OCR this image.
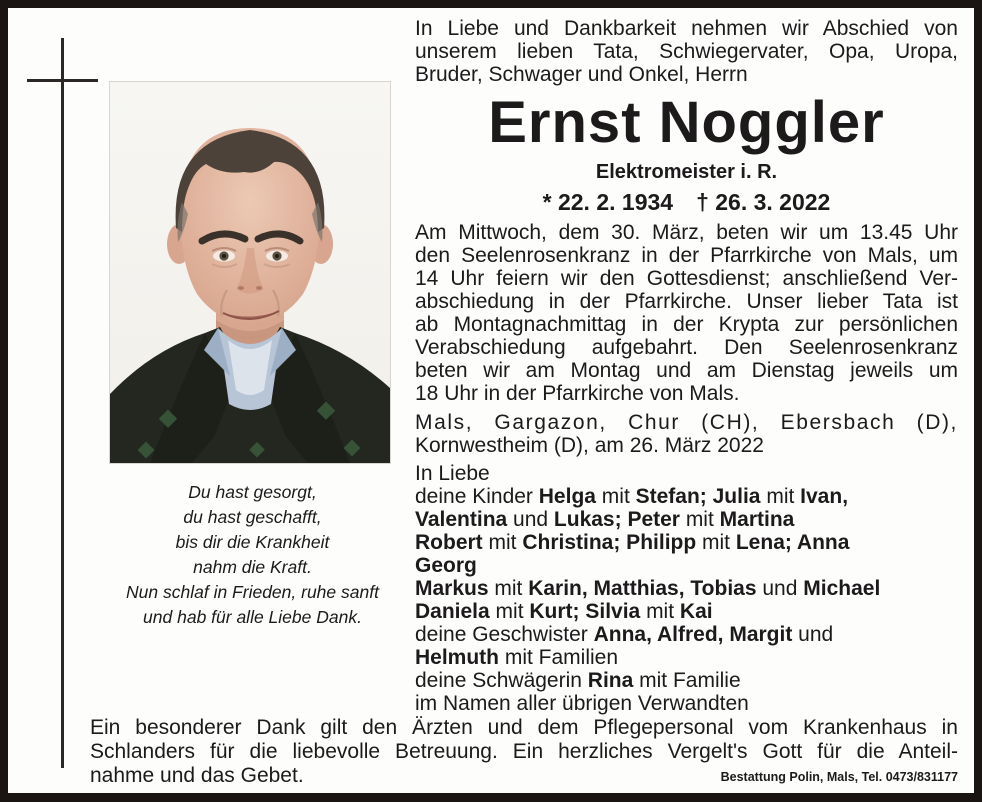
Du hast gesorgt,
du hast geschafft,
bis dir die Krankheit
nahm die Kraft.
Nun schlaf in Frieden, ruhe sanft
und hab für alle Liebe Dank.
In Liebe und Dankbarkeit nehmen wir Abschied von
unserem lieben Tata, Schwiegervater, Opa, Uropa,
Bruder, Schwager und Onkel, Herrn
Ernst Noggler
Elektromeister i. R.
* 22. 2. 1934  † 26. 3. 2022
Am Mittwoch, dem 30. März, beten wir um 13.45 Uhr
den Seelenrosenkranz in der Pfarrkirche von Mals, um
14 Uhr feiern wir den Gottesdienst; anschließend Ver-
abschiedung in der Pfarrkirche. Unser lieber Tata ist
ab Montagnachmittag in der Krypta zur persönlichen
Verabschiedung aufgebahrt. Den Seelenrosenkranz
beten wir am Montag und am Dienstag jeweils um
18 Uhr in der Pfarrkirche von Mals.
Mals, Gargazon, Chur (CH), Ebersbach (D),
Kornwestheim (D), am 26. März 2022
In Liebe
deine Kinder Helga mit Stefan; Julia mit Ivan,
Valentina und Lukas; Peter mit Martina
Robert mit Christina; Philipp mit Lena; Anna
Georg
Markus mit Karin, Matthias, Tobias und Michael
Daniela mit Kurt; Silvia mit Kai
deine Geschwister Anna, Alfred, Margit und
Helmuth mit Familien
deine Schwägerin Rina mit Familie
im Namen aller übrigen Verwandten
Ein besonderer Dank gilt den Ärzten und dem Pflegepersonal vom Krankenhaus in
Schlanders für die liebevolle Betreuung. Ein herzliches Vergelt's Gott für die Anteil-
nahme und das Gebet.	Bestattung Polin, Mals, Tel. 0473/831177
